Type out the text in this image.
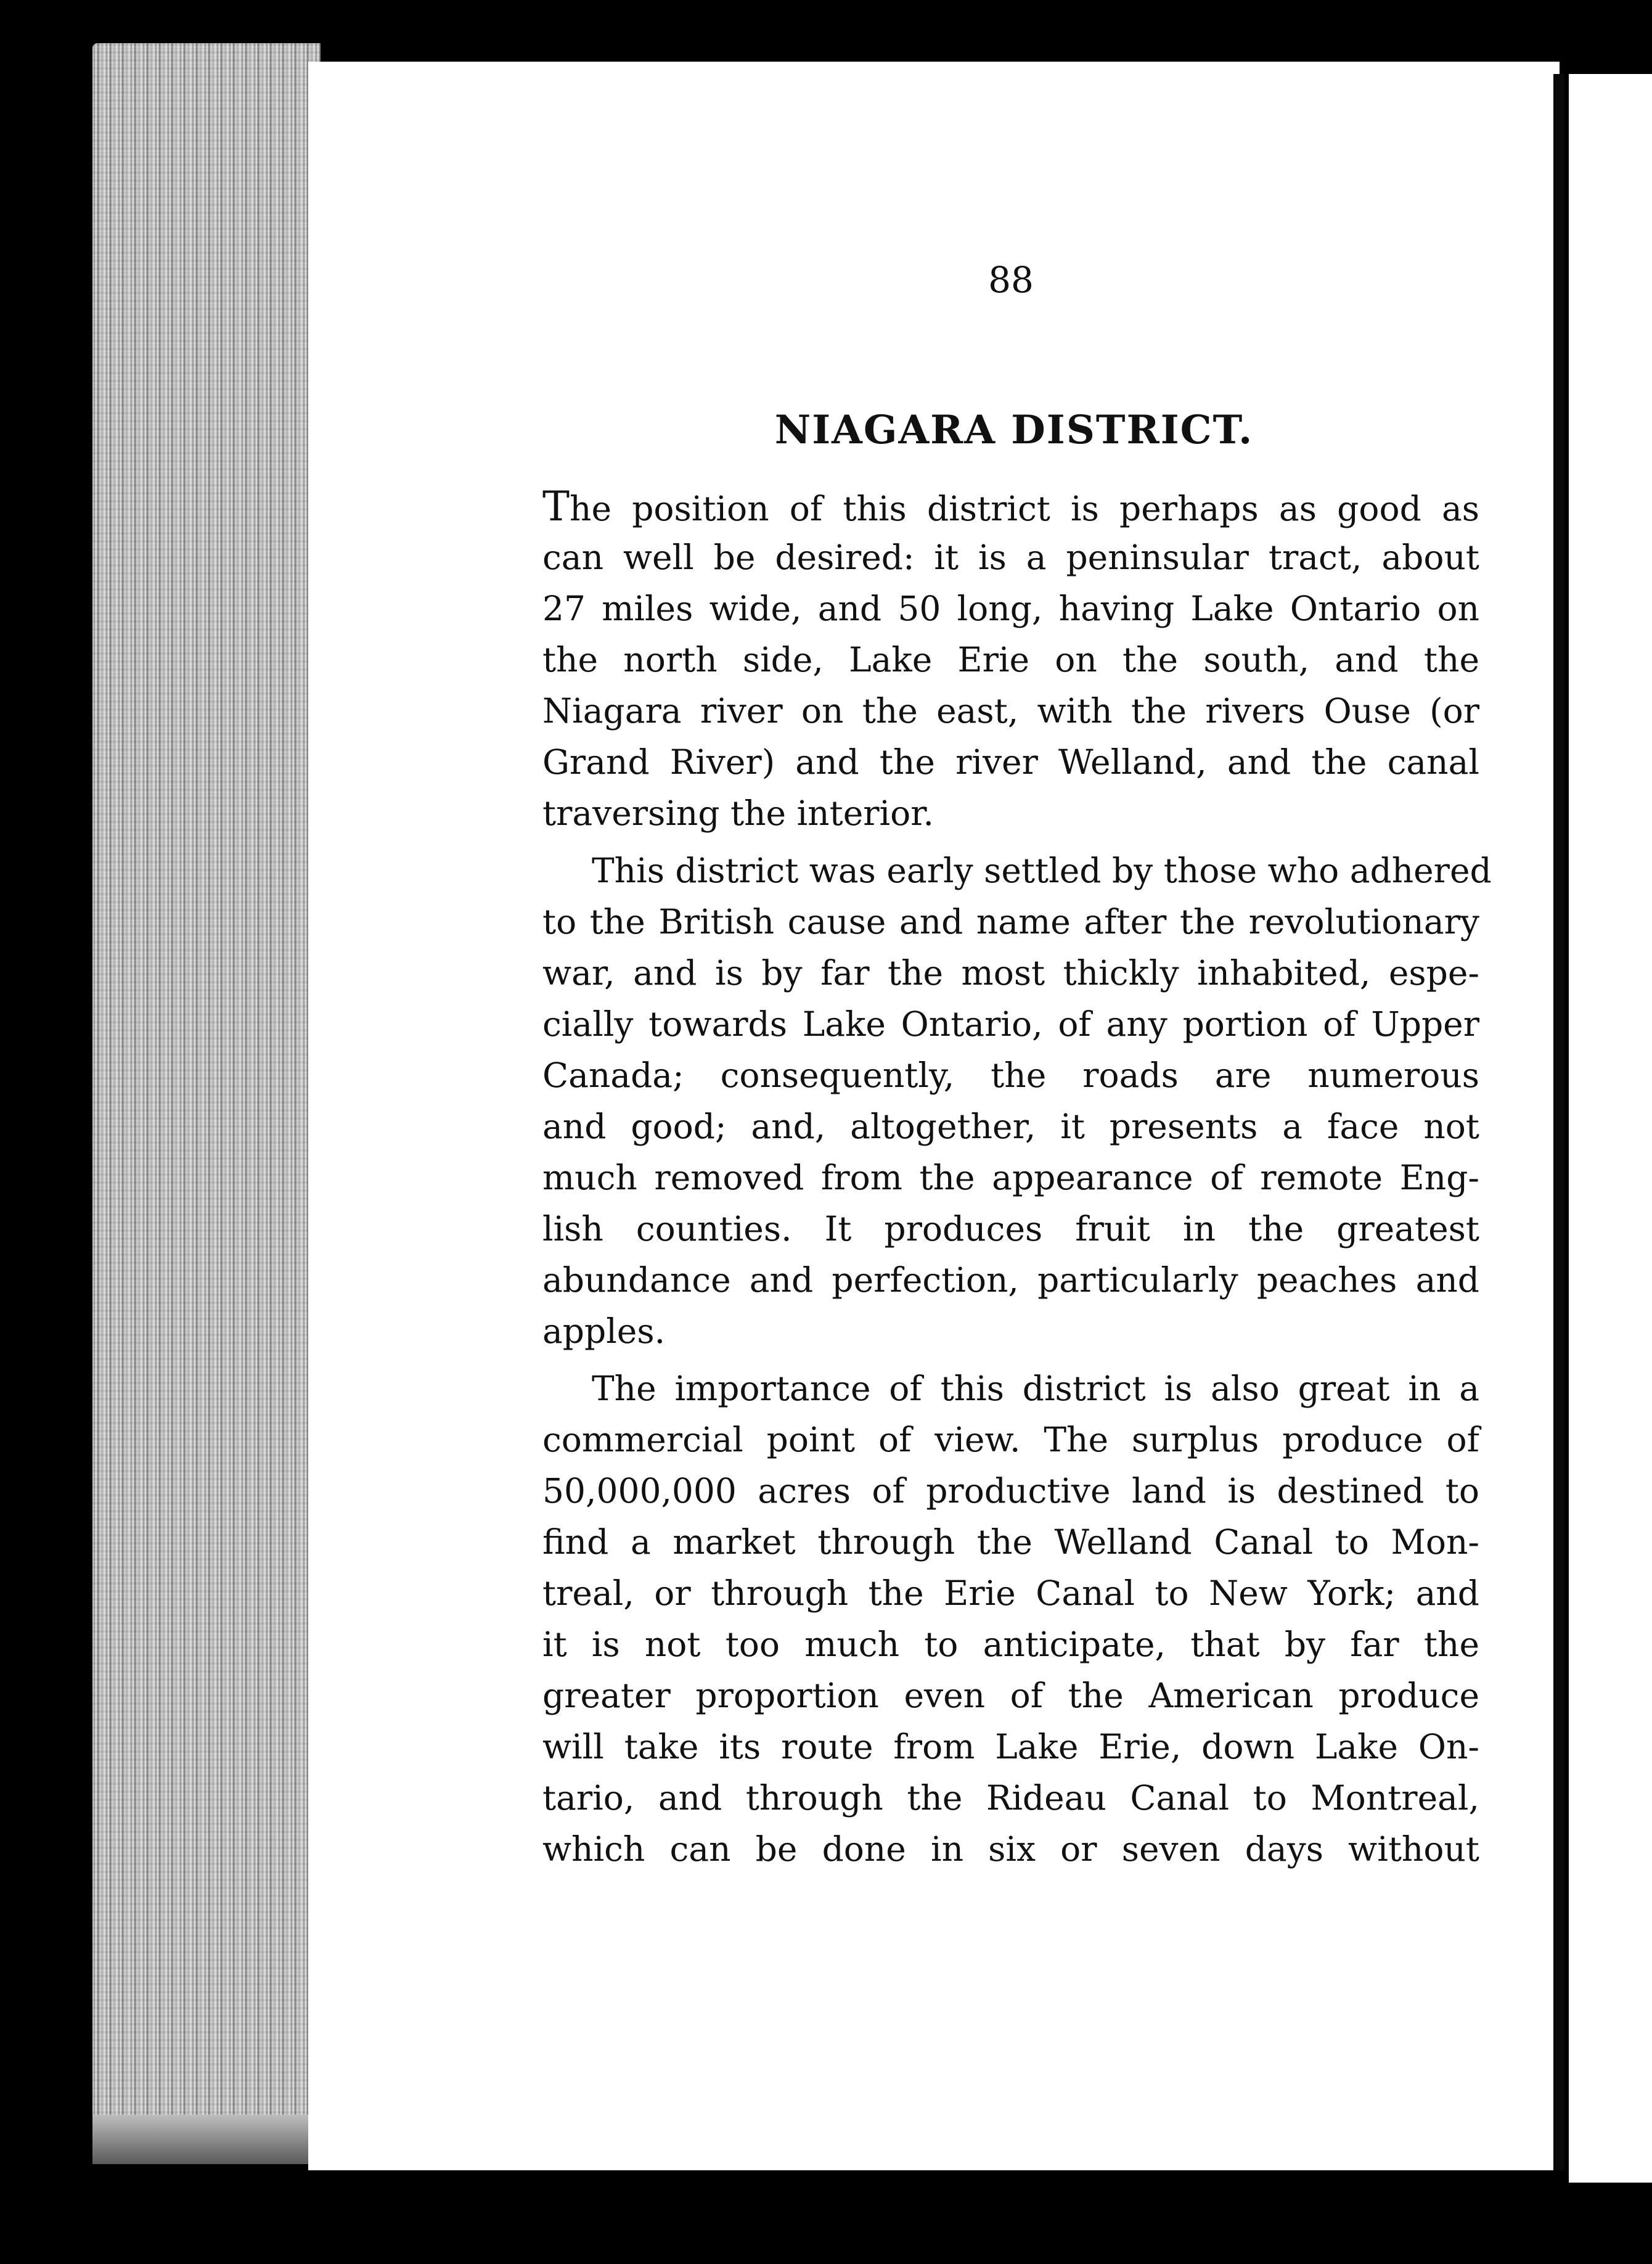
88
NIAGARA DISTRICT.

The position of this district is perhaps as good as
can well be desired: it is a peninsular tract, about
27 miles wide, and 50 long, having Lake Ontario on
the north side, Lake Erie on the south, and the
Niagara river on the east, with the rivers Ouse (or
Grand River) and the river Welland, and the canal
traversing the interior.

This district was early settled by those who adhered
to the British cause and name after the revolutionary
war, and is by far the most thickly inhabited, espe-
cially towards Lake Ontario, of any portion of Upper
Canada; consequently, the roads are numerous
and good; and, altogether, it presents a face not
much removed from the appearance of remote Eng-
lish counties. It produces fruit in the greatest
abundance and perfection, particularly peaches and
apples.

The importance of this district is also great in a
commercial point of view. The surplus produce of
50,000,000 acres of productive land is destined to
find a market through the Welland Canal to Mon-
treal, or through the Erie Canal to New York; and
it is not too much to anticipate, that by far the
greater proportion even of the American produce
will take its route from Lake Erie, down Lake On-
tario, and through the Rideau Canal to Montreal,
which can be done in six or seven days without
